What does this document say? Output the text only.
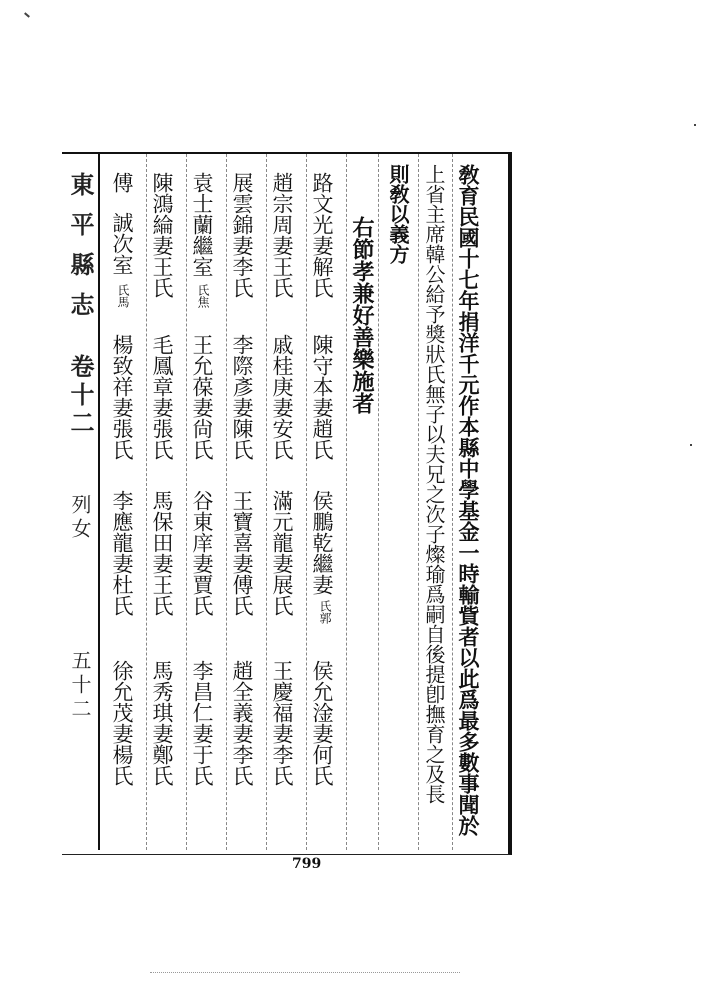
東平縣志
卷十二
列女
五十二	敎育民國十七年捐洋千元作本縣中學基金一時輸貲者以此爲最多數事聞於
上省主席韓公給予獎狀氏無子以夫兄之次子燦瑜爲嗣自後提卽撫育之及長
則敎以義方
右節孝兼好善樂施者
路文光妻解氏
陳守本妻趙氏
侯鵬乾繼妻
氏郭
侯允淦妻何氏
趙宗周妻王氏
戚桂庚妻安氏
滿元龍妻展氏
王慶福妻李氏
展雲錦妻李氏
李際彥妻陳氏
王寶喜妻傅氏
趙全義妻李氏
袁士蘭繼室
氏焦
王允葆妻尙氏
谷東庠妻賈氏
李昌仁妻于氏
陳鴻綸妻王氏
毛鳳章妻張氏
馬保田妻王氏
馬秀琪妻鄭氏
傅
誠次室
氏馬
楊致祥妻張氏
李應龍妻杜氏
徐允茂妻楊氏
799
